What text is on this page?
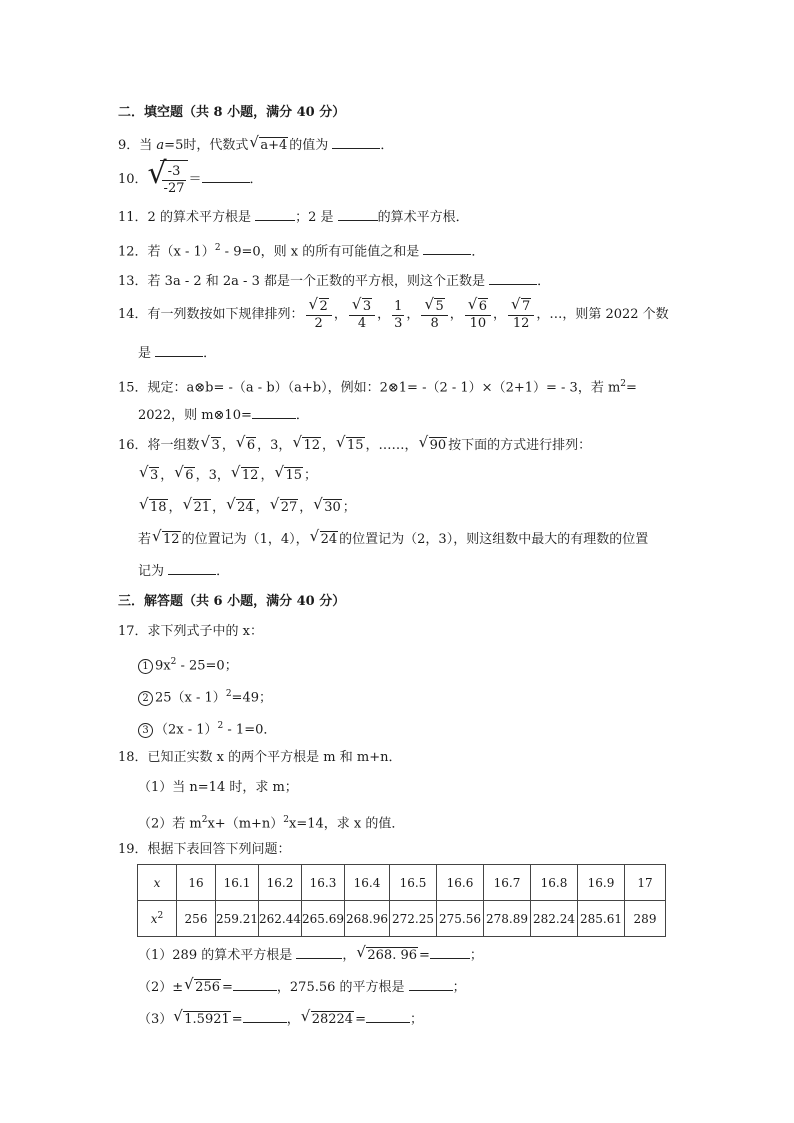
二．填空题（共 8 小题，满分 40 分）
9．当 a=5时，代数式 √ a+4 的值为	．
10． √
$\frac{-3}{-27}$ ＝	．
11．2 的算术平方根是	；2 是	的算术平方根．
12．若（x - 1）$^2$ - 9=0，则 x 的所有可能值之和是	．
13．若 3a - 2 和 2a - 3 都是一个正数的平方根，则这个正数是	．
14．有一列数按如下规律排列： $\frac{√ 2}{2}$ ， $\frac{√ 3}{4}$ ， $\frac{1}{3}$ ， $\frac{√ 5}{8}$ ， $\frac{√ 6}{10}$ ， $\frac{√ 7}{12}$ ，…，则第 2022 个数
是	．
15．规定：a⊗b= -（a - b）（a+b），例如：2⊗1= -（2 - 1）×（2+1）= - 3，若 $m^2=$
2022，则 m⊗10=	．
16．将一组数 √ 3 ， √ 6 ，3， √ 12 ， √ 15 ，……， √ 90 按下面的方式进行排列：
√ 3 ， √ 6 ，3， √ 12 ， √ 15 ；
√ 18 ， √ 21 ， √ 24 ， √ 27 ， √ 30 ；
若 √ 12 的位置记为（1，4）， √ 24 的位置记为（2，3），则这组数中最大的有理数的位置
记为	．
三．解答题（共 6 小题，满分 40 分）
17．求下列式子中的 x：
1 $9x^2 - 25=0$；
2 25（x - 1）$^2$=49；
3 （2x - 1）$^2$ - 1=0．
18．已知正实数 x 的两个平方根是 m 和 m+n．
（1）当 n=14 时，求 m；
（2）若 $m^2x+(m+n)^2x=14$，求 x 的值．
19．根据下表回答下列问题：
x	16	16.1	16.2	16.3	16.4	16.5	16.6	16.7	16.8	16.9	17
$x^2$	256	259.21	262.44	265.69	268.96	272.25	275.56	278.89	282.24	285.61	289
（1）289 的算术平方根是	， √ 268. 96 =	；
（2）± √ 256 =	，275.56 的平方根是	；
（3） √ 1.5921 =	， √ 28224 =	；
